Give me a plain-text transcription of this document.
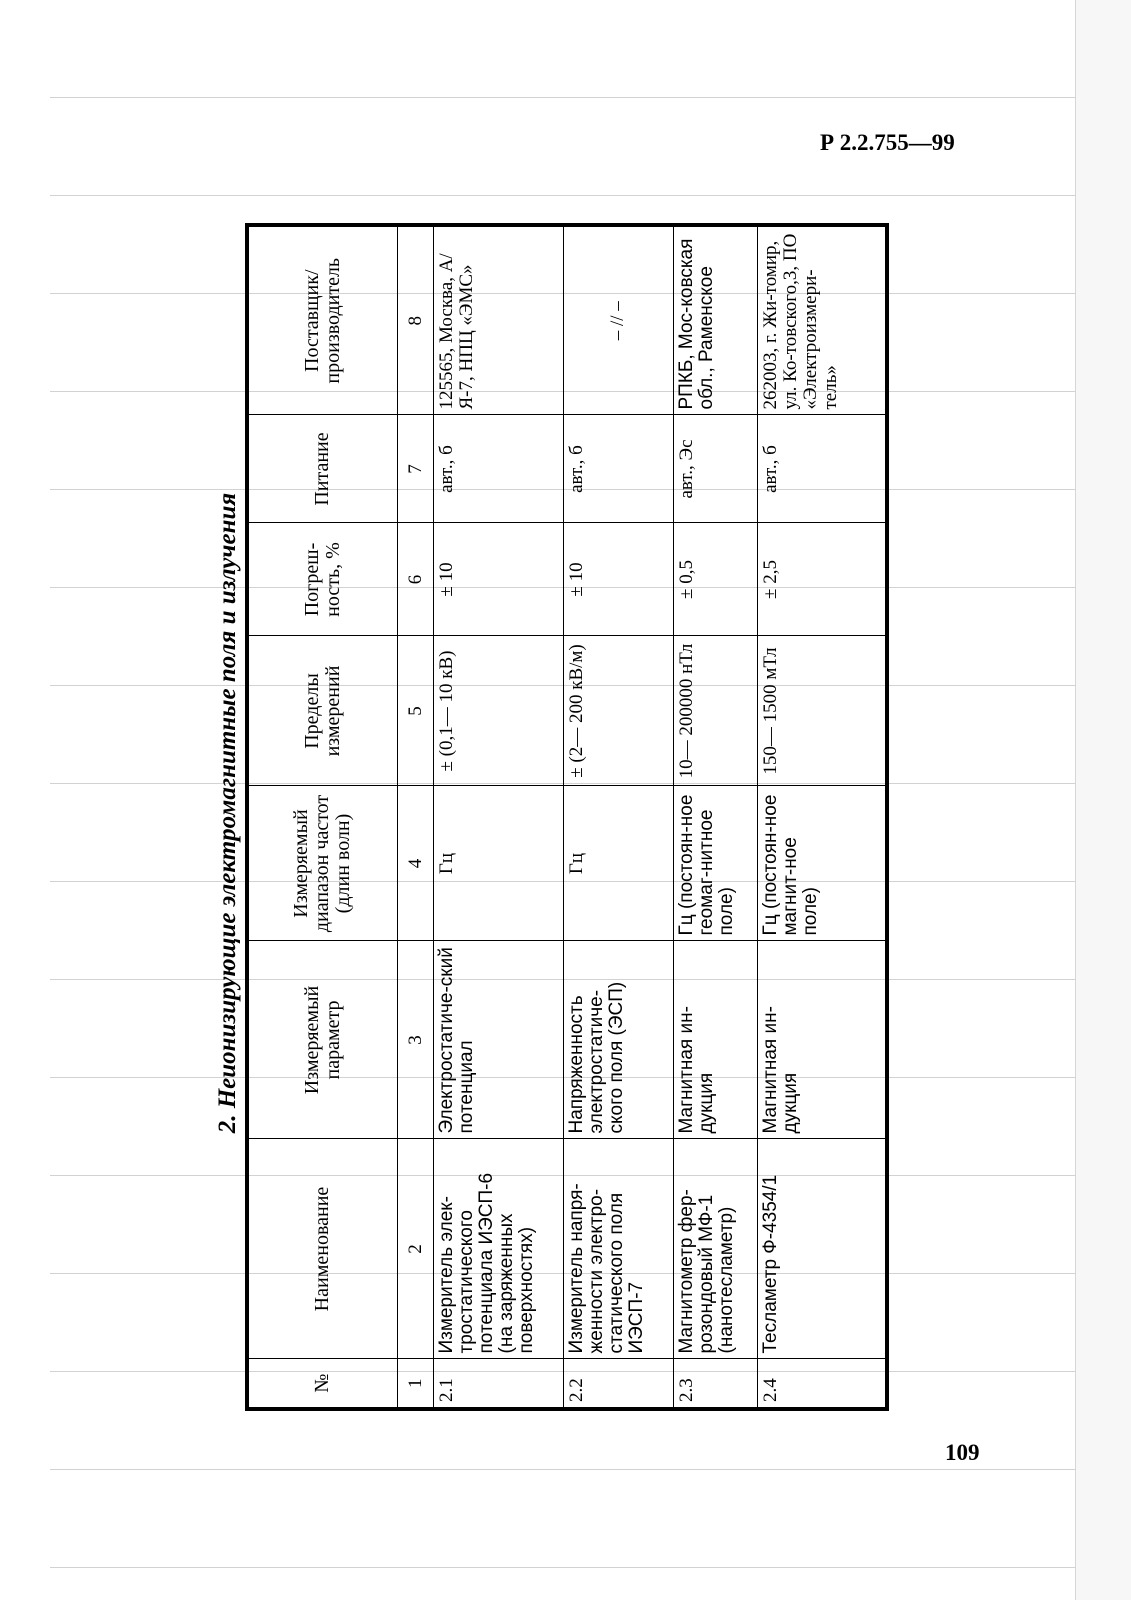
Р 2.2.755—99
109
2. Неионизирующие электромагнитные поля и излучения
№	Наименование	Измеряемый параметр	Измеряемый диапазон частот (длин волн)	Пределы измерений	Погреш-ность, %	Питание	Поставщик/ производитель
1	2	3	4	5	6	7	8
2.1	Измеритель элек-тростатического потенциала ИЭСП-6 (на заряженных поверхностях)	Электростатиче-ский потенциал	Гц	± (0,1— 10 кВ)	± 10	авт., б	125565, Москва, А/Я-7, НПЦ «ЭМС»
2.2	Измеритель напря-женности электро-статического поля ИЭСП-7	Напряженность электростатиче-ского поля (ЭСП)	Гц	± (2— 200 кВ/м)	± 10	авт., б	– // –
2.3	Магнитометр фер-розондовый МФ-1 (нанотесламетр)	Магнитная ин-дукция	Гц (постоян-ное геомаг-нитное поле)	10— 200000 нТл	± 0,5	авт., Эс	РПКБ, Мос-ковская обл., Раменское
2.4	Тесламетр Ф-4354/1	Магнитная ин-дукция	Гц (постоян-ное магнит-ное поле)	150— 1500 мТл	± 2,5	авт., б	262003, г. Жи-томир, ул. Ко-товского,3, ПО «Электроизмери-тель»
